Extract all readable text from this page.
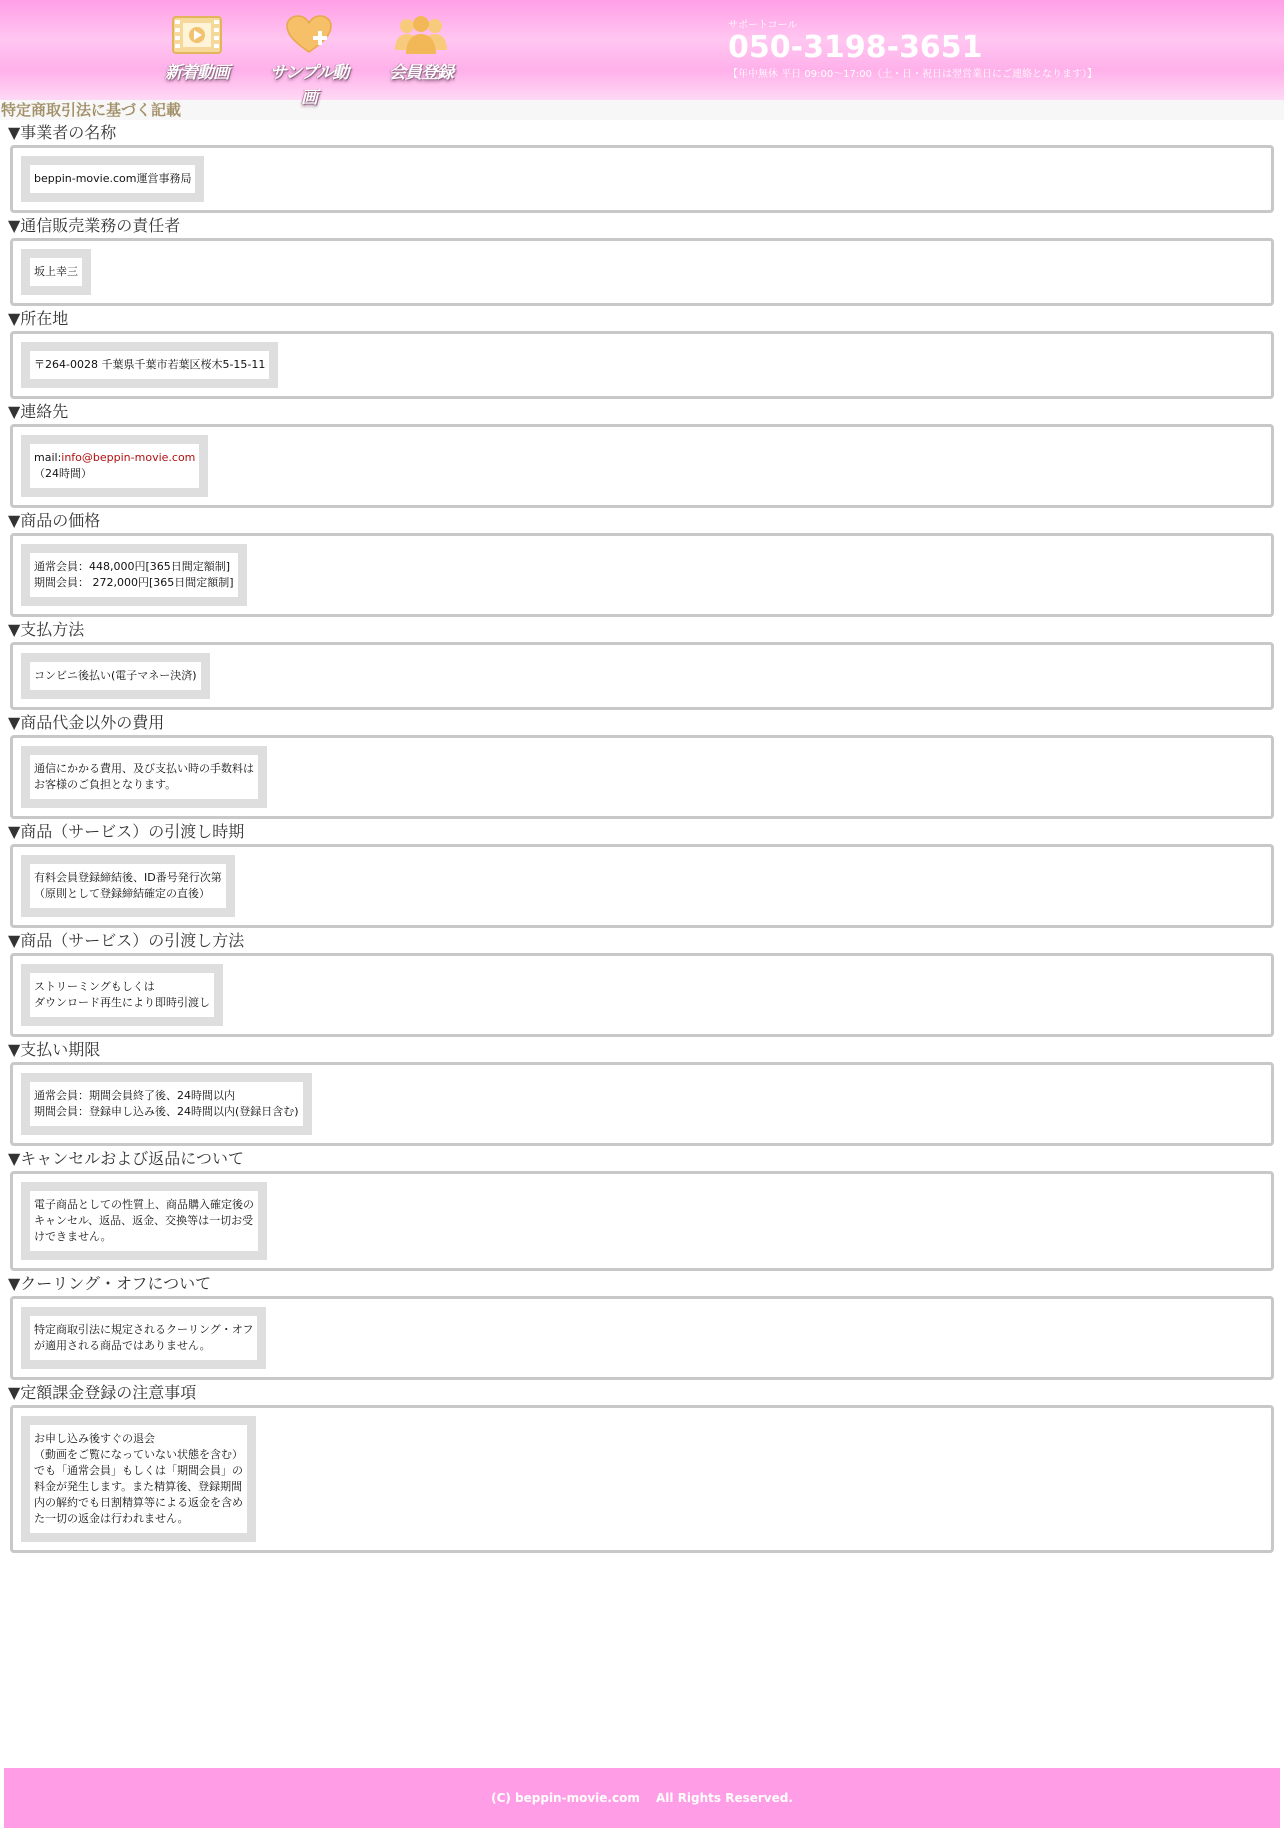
新着動画	サンプル動画
会員登録
サポートコール
050-3198-3651
【年中無休 平日 09:00～17:00（土・日・祝日は翌営業日にご連絡となります）】
特定商取引法に基づく記載
▼事業者の名称
beppin-movie.com運営事務局
▼通信販売業務の責任者
坂上幸三
▼所在地
〒264-0028 千葉県千葉市若葉区桜木5-15-11
▼連絡先
mail:info@beppin-movie.com
（24時間）
▼商品の価格
通常会員：448,000円[365日間定額制]
期間会員： 272,000円[365日間定額制]
▼支払方法
コンビニ後払い(電子マネー決済)
▼商品代金以外の費用
通信にかかる費用、及び支払い時の手数料は
お客様のご負担となります。
▼商品（サービス）の引渡し時期
有料会員登録締結後、ID番号発行次第
（原則として登録締結確定の直後）
▼商品（サービス）の引渡し方法
ストリーミングもしくは
ダウンロード再生により即時引渡し
▼支払い期限
通常会員：期間会員終了後、24時間以内
期間会員：登録申し込み後、24時間以内(登録日含む)
▼キャンセルおよび返品について
電子商品としての性質上、商品購入確定後の
キャンセル、返品、返金、交換等は一切お受
けできません。
▼クーリング・オフについて
特定商取引法に規定されるクーリング・オフ
が適用される商品ではありません。
▼定額課金登録の注意事項
お申し込み後すぐの退会
（動画をご覧になっていない状態を含む）
でも「通常会員」もしくは「期間会員」の
料金が発生します。また精算後、登録期間
内の解約でも日割精算等による返金を含め
た一切の返金は行われません。
(C) beppin-movie.com　 All Rights Reserved.
